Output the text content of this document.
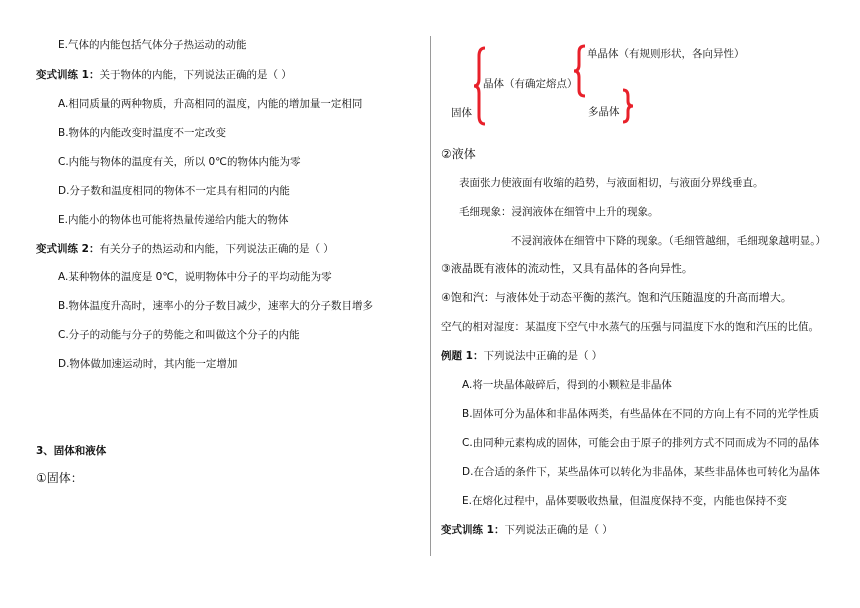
E.气体的内能包括气体分子热运动的动能
变式训练 1：关于物体的内能，下列说法正确的是（ ）
A.相同质量的两种物质，升高相同的温度，内能的增加量一定相同
B.物体的内能改变时温度不一定改变
C.内能与物体的温度有关，所以 0℃的物体内能为零
D.分子数和温度相同的物体不一定具有相同的内能
E.内能小的物体也可能将热量传递给内能大的物体
变式训练 2：有关分子的热运动和内能，下列说法正确的是（ ）
A.某种物体的温度是 0℃，说明物体中分子的平均动能为零
B.物体温度升高时，速率小的分子数目减少，速率大的分子数目增多
C.分子的动能与分子的势能之和叫做这个分子的内能
D.物体做加速运动时，其内能一定增加
3、固体和液体
①固体：
固体
晶体（有确定熔点）
单晶体（有规则形状，各向异性）
多晶体
②液体
表面张力使液面有收缩的趋势，与液面相切，与液面分界线垂直。
毛细现象：浸润液体在细管中上升的现象。
不浸润液体在细管中下降的现象。（毛细管越细，毛细现象越明显。）
③液晶既有液体的流动性，又具有晶体的各向异性。
④饱和汽：与液体处于动态平衡的蒸汽。饱和汽压随温度的升高而增大。
空气的相对湿度：某温度下空气中水蒸气的压强与同温度下水的饱和汽压的比值。
例题 1：下列说法中正确的是（ ）
A.将一块晶体敲碎后，得到的小颗粒是非晶体
B.固体可分为晶体和非晶体两类，有些晶体在不同的方向上有不同的光学性质
C.由同种元素构成的固体，可能会由于原子的排列方式不同而成为不同的晶体
D.在合适的条件下，某些晶体可以转化为非晶体，某些非晶体也可转化为晶体
E.在熔化过程中，晶体要吸收热量，但温度保持不变，内能也保持不变
变式训练 1：下列说法正确的是（ ）
